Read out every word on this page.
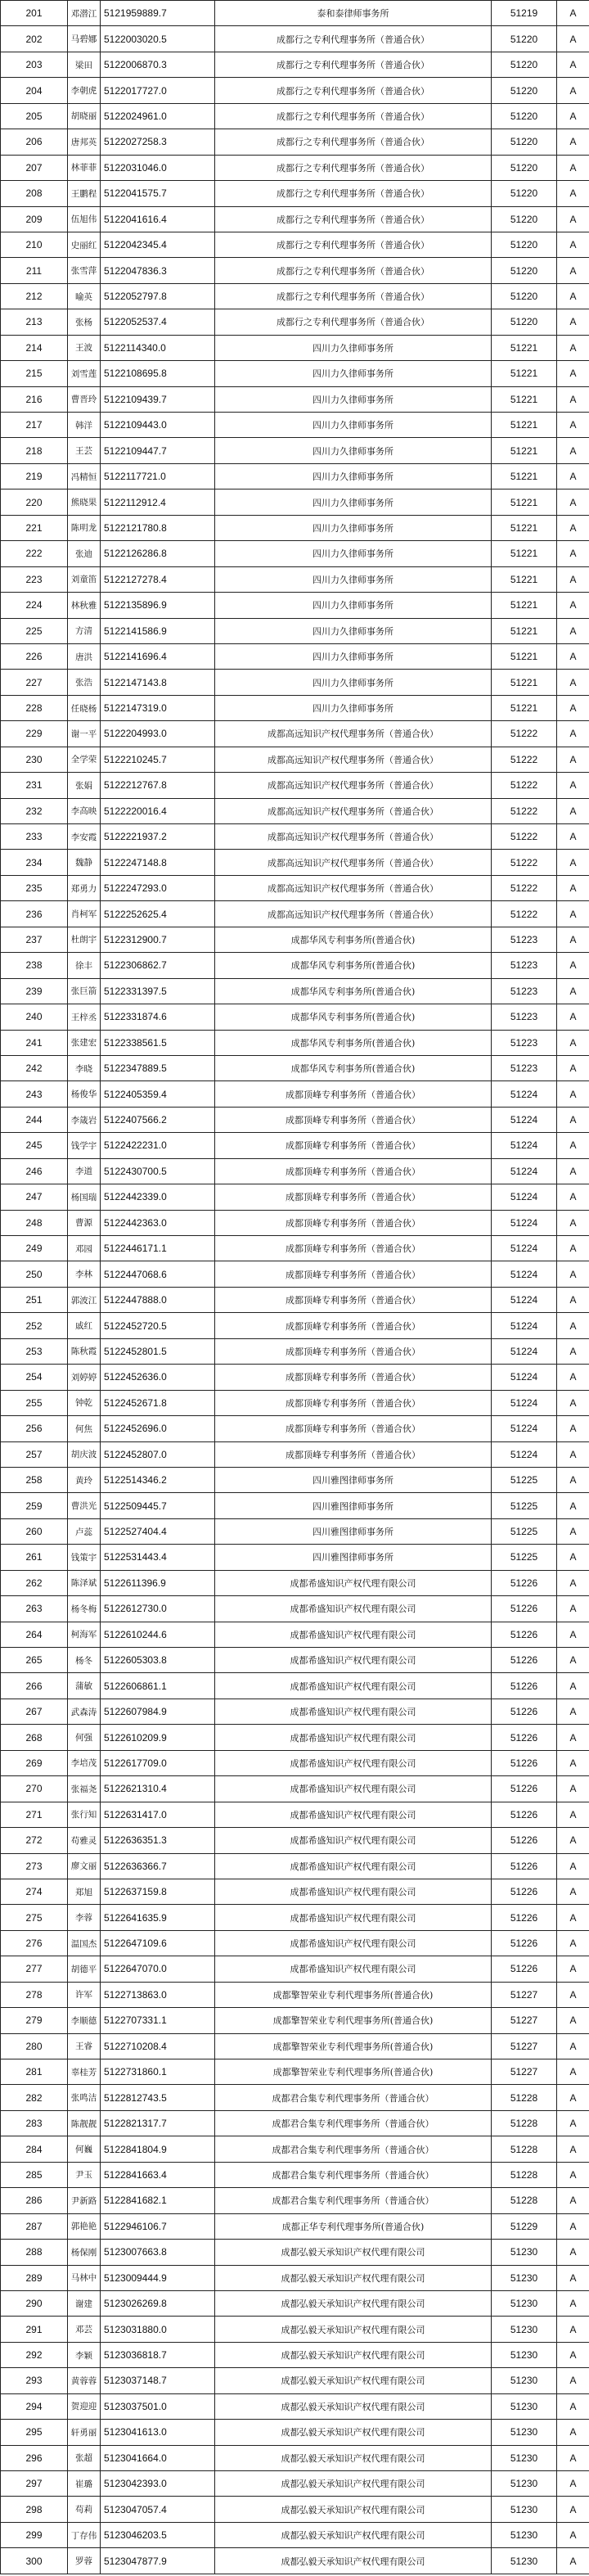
201	邓潜江	5121959889.7	泰和泰律师事务所	51219	A
202	马碧娜	5122003020.5	成都行之专利代理事务所（普通合伙）	51220	A
203	梁田	5122006870.3	成都行之专利代理事务所（普通合伙）	51220	A
204	李朝虎	5122017727.0	成都行之专利代理事务所（普通合伙）	51220	A
205	胡晓丽	5122024961.0	成都行之专利代理事务所（普通合伙）	51220	A
206	唐邦英	5122027258.3	成都行之专利代理事务所（普通合伙）	51220	A
207	林菲菲	5122031046.0	成都行之专利代理事务所（普通合伙）	51220	A
208	王鹏程	5122041575.7	成都行之专利代理事务所（普通合伙）	51220	A
209	伍旭伟	5122041616.4	成都行之专利代理事务所（普通合伙）	51220	A
210	史丽红	5122042345.4	成都行之专利代理事务所（普通合伙）	51220	A
211	张雪萍	5122047836.3	成都行之专利代理事务所（普通合伙）	51220	A
212	喻英	5122052797.8	成都行之专利代理事务所（普通合伙）	51220	A
213	张杨	5122052537.4	成都行之专利代理事务所（普通合伙）	51220	A
214	王波	5122114340.0	四川力久律师事务所	51221	A
215	刘雪莲	5122108695.8	四川力久律师事务所	51221	A
216	曹晋玲	5122109439.7	四川力久律师事务所	51221	A
217	韩洋	5122109443.0	四川力久律师事务所	51221	A
218	王芸	5122109447.7	四川力久律师事务所	51221	A
219	冯精恒	5122117721.0	四川力久律师事务所	51221	A
220	熊晓果	5122112912.4	四川力久律师事务所	51221	A
221	陈明龙	5122121780.8	四川力久律师事务所	51221	A
222	张迪	5122126286.8	四川力久律师事务所	51221	A
223	刘童笛	5122127278.4	四川力久律师事务所	51221	A
224	林秋雅	5122135896.9	四川力久律师事务所	51221	A
225	方清	5122141586.9	四川力久律师事务所	51221	A
226	唐洪	5122141696.4	四川力久律师事务所	51221	A
227	张浩	5122147143.8	四川力久律师事务所	51221	A
228	任晓杨	5122147319.0	四川力久律师事务所	51221	A
229	谢一平	5122204993.0	成都高远知识产权代理事务所（普通合伙）	51222	A
230	全学荣	5122210245.7	成都高远知识产权代理事务所（普通合伙）	51222	A
231	张娟	5122212767.8	成都高远知识产权代理事务所（普通合伙）	51222	A
232	李高映	5122220016.4	成都高远知识产权代理事务所（普通合伙）	51222	A
233	李安霞	5122221937.2	成都高远知识产权代理事务所（普通合伙）	51222	A
234	魏静	5122247148.8	成都高远知识产权代理事务所（普通合伙）	51222	A
235	郑勇力	5122247293.0	成都高远知识产权代理事务所（普通合伙）	51222	A
236	肖柯军	5122252625.4	成都高远知识产权代理事务所（普通合伙）	51222	A
237	杜朗宇	5122312900.7	成都华风专利事务所(普通合伙)	51223	A
238	徐丰	5122306862.7	成都华风专利事务所(普通合伙)	51223	A
239	张巨箭	5122331397.5	成都华风专利事务所(普通合伙)	51223	A
240	王梓丞	5122331874.6	成都华风专利事务所(普通合伙)	51223	A
241	张建宏	5122338561.5	成都华风专利事务所(普通合伙)	51223	A
242	李晓	5122347889.5	成都华风专利事务所(普通合伙)	51223	A
243	杨俊华	5122405359.4	成都顶峰专利事务所（普通合伙）	51224	A
244	李箴岩	5122407566.2	成都顶峰专利事务所（普通合伙）	51224	A
245	钱学宇	5122422231.0	成都顶峰专利事务所（普通合伙）	51224	A
246	李道	5122430700.5	成都顶峰专利事务所（普通合伙）	51224	A
247	杨国瑞	5122442339.0	成都顶峰专利事务所（普通合伙）	51224	A
248	曹源	5122442363.0	成都顶峰专利事务所（普通合伙）	51224	A
249	邓园	5122446171.1	成都顶峰专利事务所（普通合伙）	51224	A
250	李林	5122447068.6	成都顶峰专利事务所（普通合伙）	51224	A
251	郭波江	5122447888.0	成都顶峰专利事务所（普通合伙）	51224	A
252	戚红	5122452720.5	成都顶峰专利事务所（普通合伙）	51224	A
253	陈秋霞	5122452801.5	成都顶峰专利事务所（普通合伙）	51224	A
254	刘婷婷	5122452636.0	成都顶峰专利事务所（普通合伙）	51224	A
255	钟乾	5122452671.8	成都顶峰专利事务所（普通合伙）	51224	A
256	何焦	5122452696.0	成都顶峰专利事务所（普通合伙）	51224	A
257	胡庆波	5122452807.0	成都顶峰专利事务所（普通合伙）	51224	A
258	黄玲	5122514346.2	四川雅图律师事务所	51225	A
259	曹洪光	5122509445.7	四川雅图律师事务所	51225	A
260	卢蕊	5122527404.4	四川雅图律师事务所	51225	A
261	钱策宇	5122531443.4	四川雅图律师事务所	51225	A
262	陈泽斌	5122611396.9	成都希盛知识产权代理有限公司	51226	A
263	杨冬梅	5122612730.0	成都希盛知识产权代理有限公司	51226	A
264	柯海军	5122610244.6	成都希盛知识产权代理有限公司	51226	A
265	杨冬	5122605303.8	成都希盛知识产权代理有限公司	51226	A
266	蒲敏	5122606861.1	成都希盛知识产权代理有限公司	51226	A
267	武森涛	5122607984.9	成都希盛知识产权代理有限公司	51226	A
268	何强	5122610209.9	成都希盛知识产权代理有限公司	51226	A
269	李培茂	5122617709.0	成都希盛知识产权代理有限公司	51226	A
270	张福尧	5122621310.4	成都希盛知识产权代理有限公司	51226	A
271	张行知	5122631417.0	成都希盛知识产权代理有限公司	51226	A
272	苟雅灵	5122636351.3	成都希盛知识产权代理有限公司	51226	A
273	廖文丽	5122636366.7	成都希盛知识产权代理有限公司	51226	A
274	郑旭	5122637159.8	成都希盛知识产权代理有限公司	51226	A
275	李蓉	5122641635.9	成都希盛知识产权代理有限公司	51226	A
276	温国杰	5122647109.6	成都希盛知识产权代理有限公司	51226	A
277	胡德平	5122647070.0	成都希盛知识产权代理有限公司	51226	A
278	许军	5122713863.0	成都擎智荣业专利代理事务所(普通合伙)	51227	A
279	李顺德	5122707331.1	成都擎智荣业专利代理事务所(普通合伙)	51227	A
280	王睿	5122710208.4	成都擎智荣业专利代理事务所(普通合伙)	51227	A
281	辜桂芳	5122731860.1	成都擎智荣业专利代理事务所(普通合伙)	51227	A
282	张鸣洁	5122812743.5	成都君合集专利代理事务所（普通合伙）	51228	A
283	陈靓靓	5122821317.7	成都君合集专利代理事务所（普通合伙）	51228	A
284	何巍	5122841804.9	成都君合集专利代理事务所（普通合伙）	51228	A
285	尹玉	5122841663.4	成都君合集专利代理事务所（普通合伙）	51228	A
286	尹新路	5122841682.1	成都君合集专利代理事务所（普通合伙）	51228	A
287	郭艳艳	5122946106.7	成都正华专利代理事务所(普通合伙)	51229	A
288	杨保刚	5123007663.8	成都弘毅天承知识产权代理有限公司	51230	A
289	马林中	5123009444.9	成都弘毅天承知识产权代理有限公司	51230	A
290	谢建	5123026269.8	成都弘毅天承知识产权代理有限公司	51230	A
291	邓芸	5123031880.0	成都弘毅天承知识产权代理有限公司	51230	A
292	李颖	5123036818.7	成都弘毅天承知识产权代理有限公司	51230	A
293	黄蓉蓉	5123037148.7	成都弘毅天承知识产权代理有限公司	51230	A
294	贺迎迎	5123037501.0	成都弘毅天承知识产权代理有限公司	51230	A
295	轩勇丽	5123041613.0	成都弘毅天承知识产权代理有限公司	51230	A
296	张超	5123041664.0	成都弘毅天承知识产权代理有限公司	51230	A
297	崔璐	5123042393.0	成都弘毅天承知识产权代理有限公司	51230	A
298	苟莉	5123047057.4	成都弘毅天承知识产权代理有限公司	51230	A
299	丁存伟	5123046203.5	成都弘毅天承知识产权代理有限公司	51230	A
300	罗蓉	5123047877.9	成都弘毅天承知识产权代理有限公司	51230	A
